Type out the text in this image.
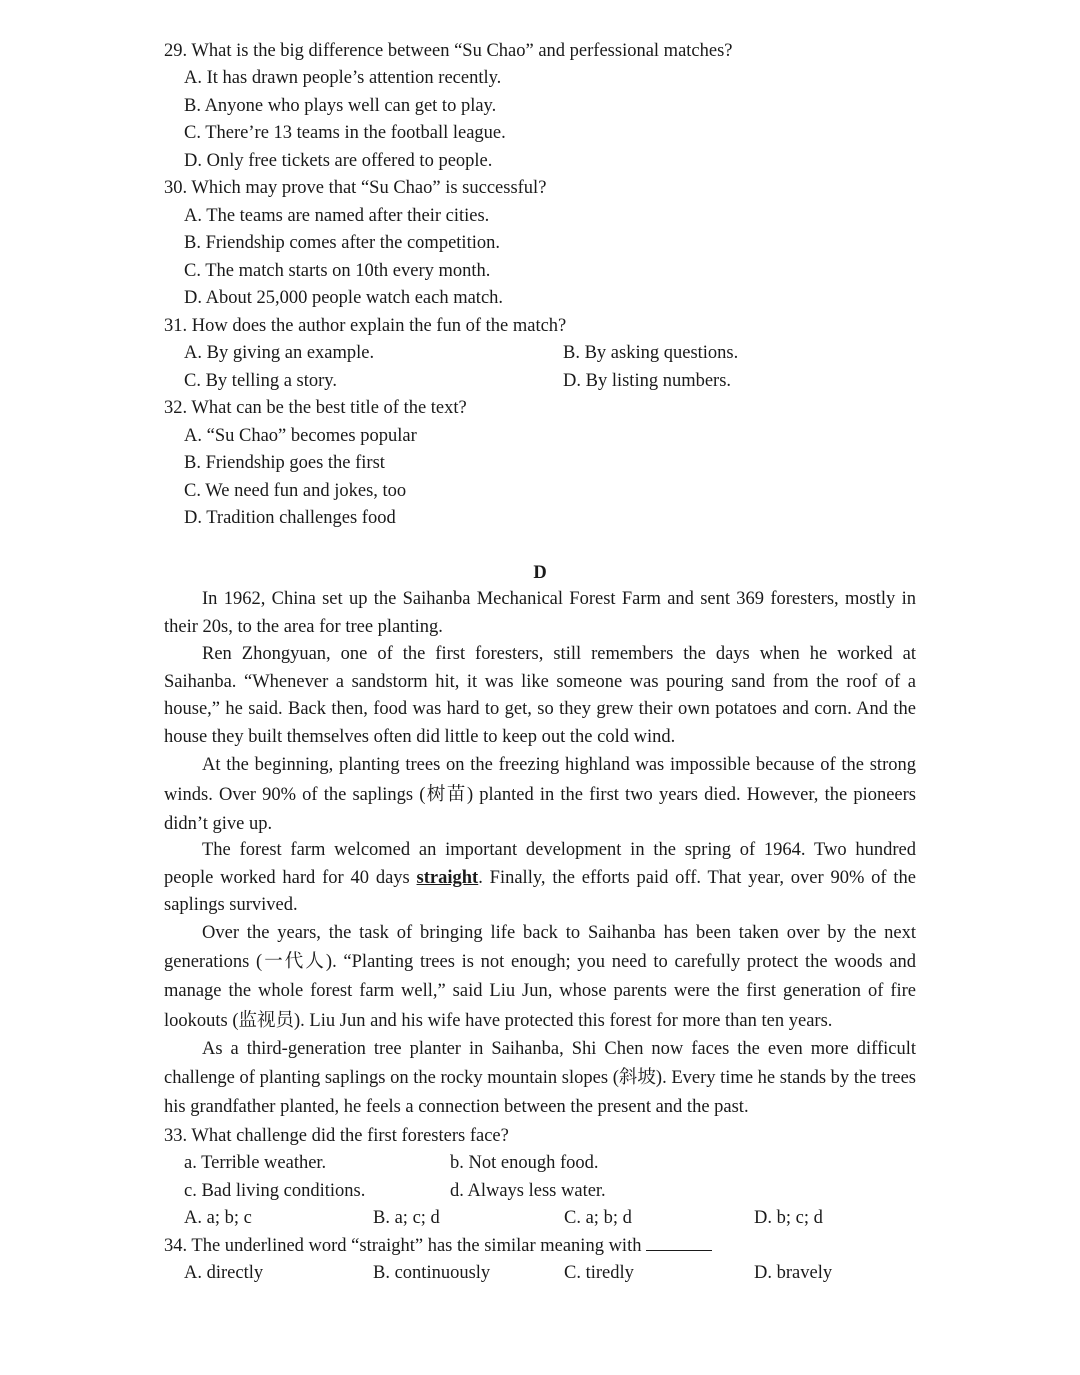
29. What is the big difference between “Su Chao” and perfessional matches?
A. It has drawn people’s attention recently.
B. Anyone who plays well can get to play.
C. There’re 13 teams in the football league.
D. Only free tickets are offered to people.
30. Which may prove that “Su Chao” is successful?
A. The teams are named after their cities.
B. Friendship comes after the competition.
C. The match starts on 10th every month.
D. About 25,000 people watch each match.
31. How does the author explain the fun of the match?
A. By giving an example.	B. By asking questions.
C. By telling a story.	D. By listing numbers.
32. What can be the best title of the text?
A. “Su Chao” becomes popular
B. Friendship goes the first
C. We need fun and jokes, too
D. Tradition challenges food
D
In 1962, China set up the Saihanba Mechanical Forest Farm and sent 369 foresters, mostly in their 20s, to the area for tree planting.
Ren Zhongyuan, one of the first foresters, still remembers the days when he worked at Saihanba. “Whenever a sandstorm hit, it was like someone was pouring sand from the roof of a house,” he said. Back then, food was hard to get, so they grew their own potatoes and corn. And the house they built themselves often did little to keep out the cold wind.
At the beginning, planting trees on the freezing highland was impossible because of the strong winds. Over 90% of the saplings (树苗) planted in the first two years died. However, the pioneers didn’t give up.
The forest farm welcomed an important development in the spring of 1964. Two hundred people worked hard for 40 days straight. Finally, the efforts paid off. That year, over 90% of the saplings survived.
Over the years, the task of bringing life back to Saihanba has been taken over by the next generations (一代人). “Planting trees is not enough; you need to carefully protect the woods and manage the whole forest farm well,” said Liu Jun, whose parents were the first generation of fire lookouts (监视员). Liu Jun and his wife have protected this forest for more than ten years.
As a third-generation tree planter in Saihanba, Shi Chen now faces the even more difficult challenge of planting saplings on the rocky mountain slopes (斜坡). Every time he stands by the trees his grandfather planted, he feels a connection between the present and the past.
33. What challenge did the first foresters face?
a. Terrible weather.	b. Not enough food.
c. Bad living conditions.	d. Always less water.
A. a; b; c	B. a; c; d	C. a; b; d	D. b; c; d
34. The underlined word “straight” has the similar meaning with
A. directly	B. continuously	C. tiredly	D. bravely
